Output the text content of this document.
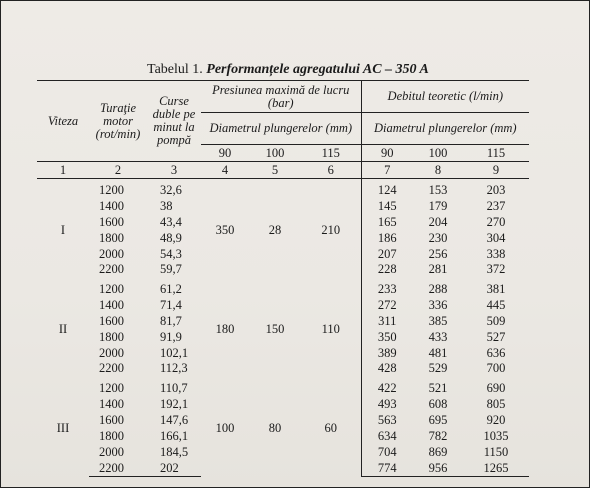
Tabelul 1. Performanțele agregatului AC – 350 A
Viteza	Turaţie motor (rot/min)	Curse duble pe minut la pompă	Presiunea maximă de lucru (bar)			Debitul teoretic (l/min)		
			Diametrul plungerelor (mm)			Diametrul plungerelor (mm)		
			90	100	115	90	100	115
1	2	3	4	5	6	7	8	9

I	1200	32,6	350	28	210	124	153	203
	1400	38				145	179	237
	1600	43,4				165	204	270
	1800	48,9				186	230	304
	2000	54,3				207	256	338
	2200	59,7				228	281	372

II	1200	61,2	180	150	110	233	288	381
	1400	71,4				272	336	445
	1600	81,7				311	385	509
	1800	91,9				350	433	527
	2000	102,1				389	481	636
	2200	112,3				428	529	700

III	1200	110,7	100	80	60	422	521	690
	1400	192,1				493	608	805
	1600	147,6				563	695	920
	1800	166,1				634	782	1035
	2000	184,5				704	869	1150
	2200	202				774	956	1265
